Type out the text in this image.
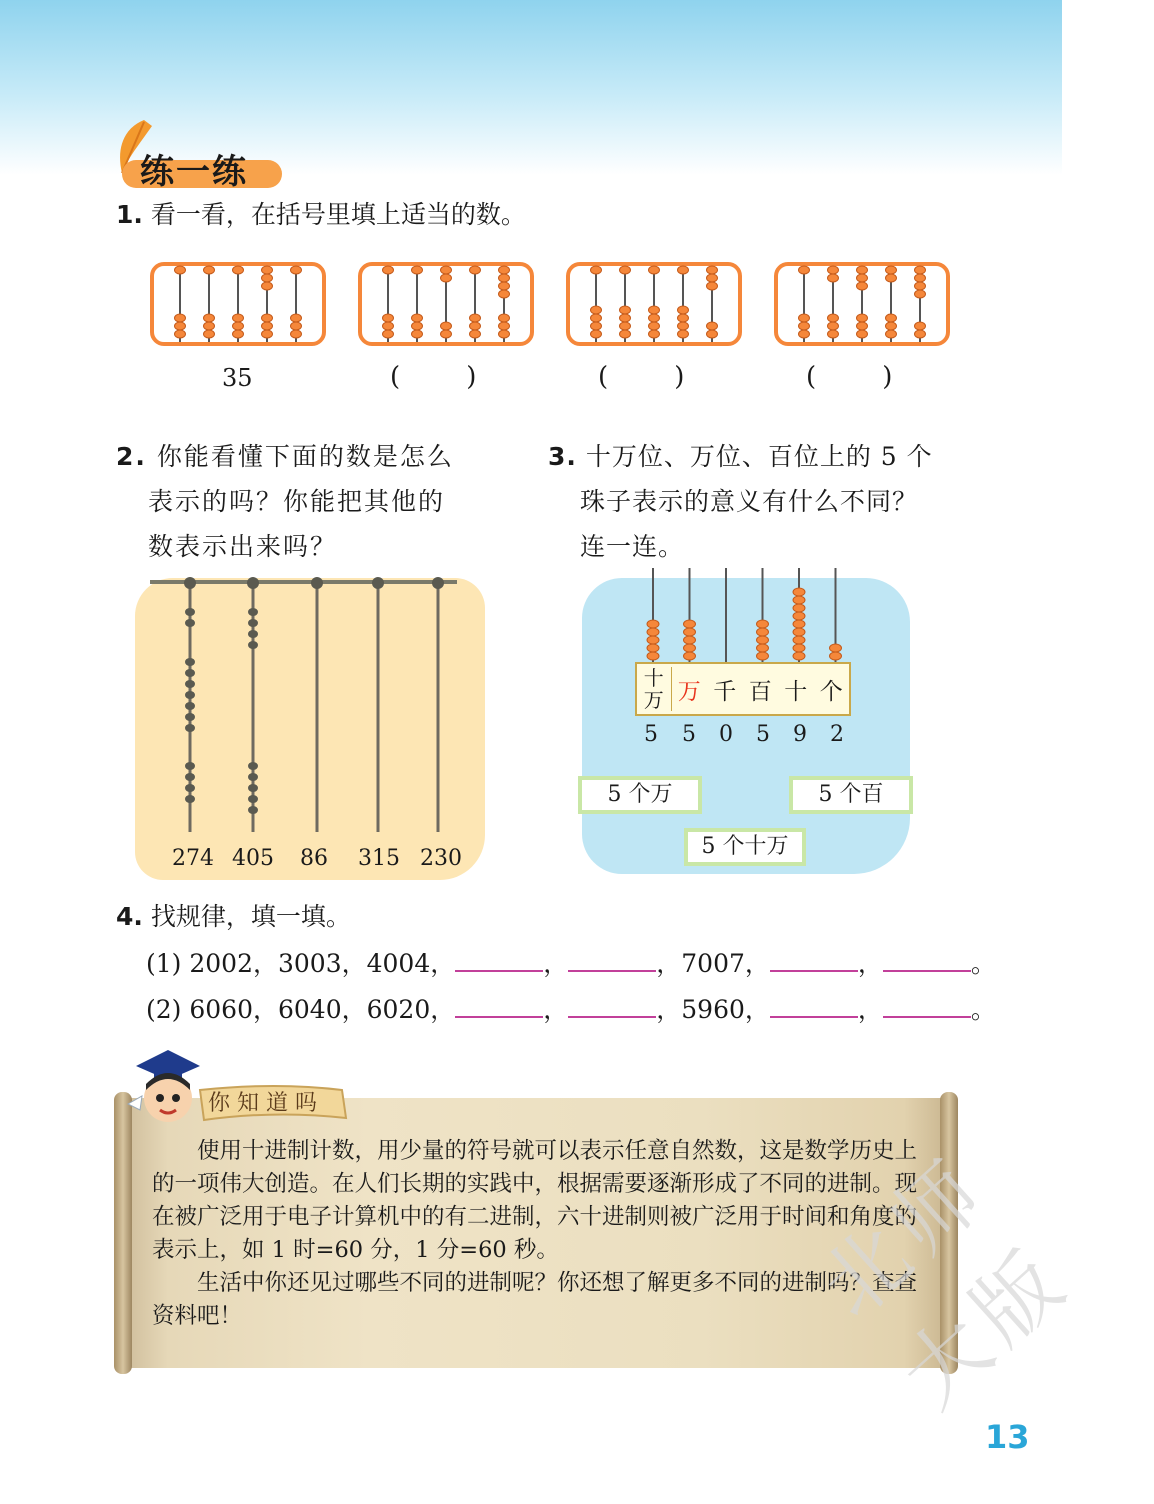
练一练
1. 看一看，在括号里填上适当的数。
35	(        )	(        )	(        )
2. 你能看懂下面的数是怎么
表示的吗？你能把其他的
数表示出来吗？
274 405 86 315 230
3. 十万位、万位、百位上的 5 个
珠子表示的意义有什么不同？
连一连。
十
万 万 千 百 十 个
5 5 0 5 9 2
5 个万	5 个百
5 个十万
4. 找规律，填一填。
(1) 2002，3003，4004，	，	，7007，	，	。
(2) 6060，6040，6020，	，	，5960，	，	。
你 知 道 吗

使用十进制计数，用少量的符号就可以表示任意自然数，这是数学历史上的一项伟大创造。在人们长期的实践中，根据需要逐渐形成了不同的进制。现在被广泛用于电子计算机中的有二进制，六十进制则被广泛用于时间和角度的表示上，如 1 时=60 分，1 分=60 秒。

生活中你还见过哪些不同的进制呢？你还想了解更多不同的进制吗？查查资料吧！	北师大版
13
